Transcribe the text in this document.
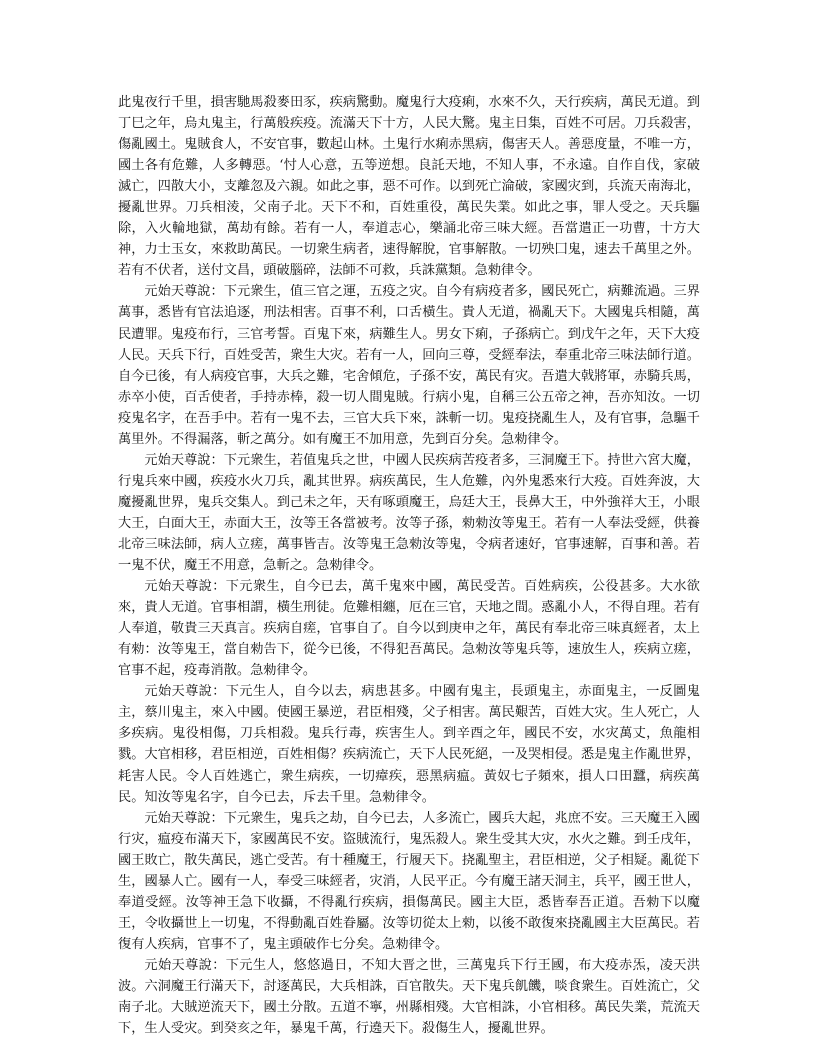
此鬼夜行千里，損害馳馬殺麥田豕，疾病驚動。魔鬼行大疫痢，水來不久，天行疾病，萬民无道。到丁巳之年，烏丸鬼主，行萬般疾疫。流滿天下十方，人民大驚。鬼主日集，百姓不可居。刀兵殺害，傷亂國土。鬼賊食人，不安官事，數起山林。土鬼行水痢赤黑病，傷害天人。善惡度量，不唯一方，國土各有危難，人多轉惡。‘忖人心意，五等逆想。良託天地，不知人事，不永遠。自作自伐，家破滅亡，四散大小，支離忽及六親。如此之事，惡不可作。以到死亡淪破，家國灾到，兵流天南海北，擾亂世界。刀兵相淩，父南子北。天下不和，百姓重役，萬民失業。如此之事，罪人受之。天兵驅除，入火輪地獄，萬劫有餘。若有一人，奉道志心，樂誦北帝三味大經。吾當遣正一功曹，十方大神，力士玉女，來救助萬民。一切衆生病者，速得解脫，官事解散。一切殃囗鬼，速去千萬里之外。若有不伏者，送付文昌，頭破腦碎，法師不可救，兵誅黨類。急勑律令。

元始天尊說：下元衆生，值三官之運，五疫之灾。自今有病疫者多，國民死亡，病難流過。三界萬事，悉皆有官法追逐，刑法相害。百事不利，口舌橫生。貴人无道，禍亂天下。大國鬼兵相隨，萬民遭罪。鬼疫布行，三官考誓。百鬼下來，病難生人。男女下痢，子孫病亡。到戊午之年，天下大疫人民。天兵下行，百姓受苦，衆生大灾。若有一人，回向三尊，受經奉法，奉重北帝三味法師行道。自今已後，有人病疫官事，大兵之難，宅舍傾危，子孫不安，萬民有灾。吾遣大戟將軍，赤騎兵馬，赤卒小使，百舌使者，手持赤棒，殺一切人間鬼賊。行病小鬼，自稱三公五帝之神，吾亦知汝。一切疫鬼名字，在吾手中。若有一鬼不去，三官大兵下來，誅斬一切。鬼疫挠亂生人，及有官事，急驅千萬里外。不得漏落，斬之萬分。如有魔王不加用意，先到百分矣。急勑律令。

元始天尊說：下元衆生，若值鬼兵之世，中國人民疾病苦疫者多，三洞魔王下。持世六宮大魔，行鬼兵來中國，疾疫水火刀兵，亂其世界。病疾萬民，生人危難，內外鬼悉來行大疫。百姓奔波，大魔擾亂世界，鬼兵交集人。到己未之年，天有啄頭魔王，烏廷大王，長鼻大王，中外強祥大王，小眼大王，白面大王，赤面大王，汝等王各當被考。汝等子孫，勑勑汝等鬼王。若有一人奉法受經，供養北帝三味法師，病人立瘥，萬事皆吉。汝等鬼王急勑汝等鬼，令病者速好，官事速解，百事和善。若一鬼不伏，魔王不用意，急斬之。急勑律令。

元始天尊說：下元衆生，自今已去，萬千鬼來中國，萬民受苦。百姓病疾，公役甚多。大水欲來，貴人无道。官事相謂，橫生刑徒。危難相纏，厄在三官，天地之間。惑亂小人，不得自理。若有人奉道，敬貴三天真言。疾病自瘥，官事自了。自今以到庚申之年，萬民有奉北帝三味真經者，太上有勑：汝等鬼王，當自勑告下，從今已後，不得犯吾萬民。急勑汝等鬼兵等，速放生人，疾病立瘥，官事不起，疫毒消散。急勑律令。

元始天尊說：下元生人，自今以去，病患甚多。中國有鬼主，長頭鬼主，赤面鬼主，一反圖鬼主，蔡川鬼主，來入中國。使國王暴逆，君臣相殘，父子相害。萬民艱苦，百姓大灾。生人死亡，人多疾病。鬼役相傷，刀兵相殺。鬼兵行毒，疾害生人。到辛酉之年，國民不安，水灾萬丈，魚龍相戮。大官相移，君臣相逆，百姓相傷？疾病流亡，天下人民死絕，一及哭相侵。悉是鬼主作亂世界，耗害人民。令人百姓逃亡，衆生病疾，一切瘴疾，惡黑病瘟。黃奴七子頻來，損人口田蠶，病疾萬民。知汝等鬼名字，自今已去，斥去千里。急勑律令。

元始天尊說：下元衆生，鬼兵之劫，自今已去，人多流亡，國兵大起，兆庶不安。三天魔王入國行灾，瘟疫布滿天下，家國萬民不安。盜賊流行，鬼炁殺人。衆生受其大灾，水火之難。到壬戌年，國王敗亡，散失萬民，逃亡受苦。有十種魔王，行履天下。挠亂聖主，君臣相逆，父子相疑。亂從下生，國暴人亡。國有一人，奉受三味經者，灾消，人民平正。今有魔王諸天洞主，兵平，國王世人，奉道受經。汝等神王急下收攝，不得亂行疾病，損傷萬民。國主大臣，悉皆奉吾正道。吾勑下以魔王，令收攝世上一切鬼，不得動亂百姓眷屬。汝等切從太上勑，以後不敢復來挠亂國主大臣萬民。若復有人疾病，官事不了，鬼主頭破作七分矣。急勑律令。

元始天尊說：下元生人，悠悠過日，不知大晋之世，三萬鬼兵下行王國，布大疫赤炁，凌天洪波。六洞魔王行滿天下，討逐萬民，大兵相誅，百官散失。天下鬼兵飢饑，啖食衆生。百姓流亡，父南子北。大賊逆流天下，國土分散。五道不寧，州縣相殘。大官相誅，小官相移。萬民失業，荒流天下，生人受灾。到癸亥之年，暴鬼千萬，行遶天下。殺傷生人，擾亂世界。
